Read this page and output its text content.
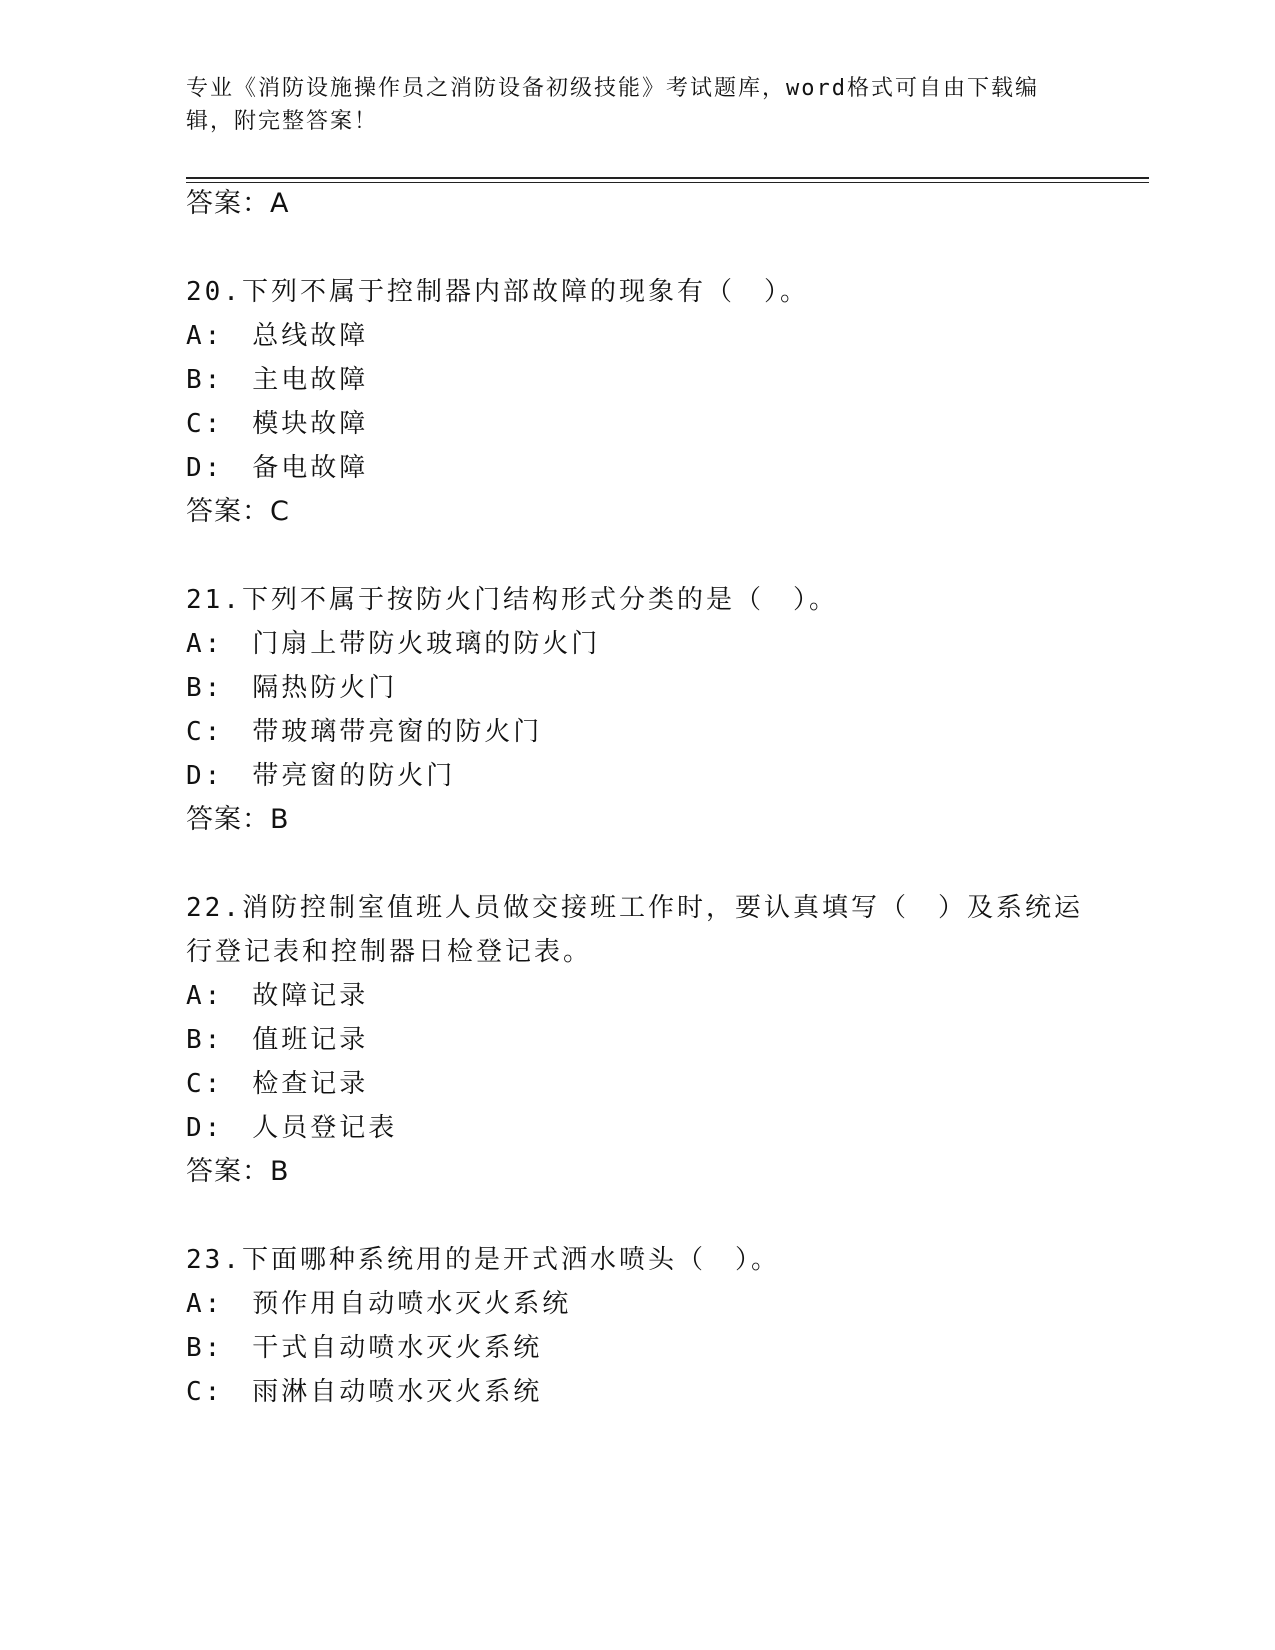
专业《消防设施操作员之消防设备初级技能》考试题库，word格式可自由下载编
辑，附完整答案！
答案：A
20.下列不属于控制器内部故障的现象有（　）。
A:　总线故障
B:　主电故障
C:　模块故障
D:　备电故障
答案：C
21.下列不属于按防火门结构形式分类的是（　）。
A:　门扇上带防火玻璃的防火门
B:　隔热防火门
C:　带玻璃带亮窗的防火门
D:　带亮窗的防火门
答案：B
22.消防控制室值班人员做交接班工作时，要认真填写（　）及系统运
行登记表和控制器日检登记表。
A:　故障记录
B:　值班记录
C:　检查记录
D:　人员登记表
答案：B
23.下面哪种系统用的是开式洒水喷头（　）。
A:　预作用自动喷水灭火系统
B:　干式自动喷水灭火系统
C:　雨淋自动喷水灭火系统
